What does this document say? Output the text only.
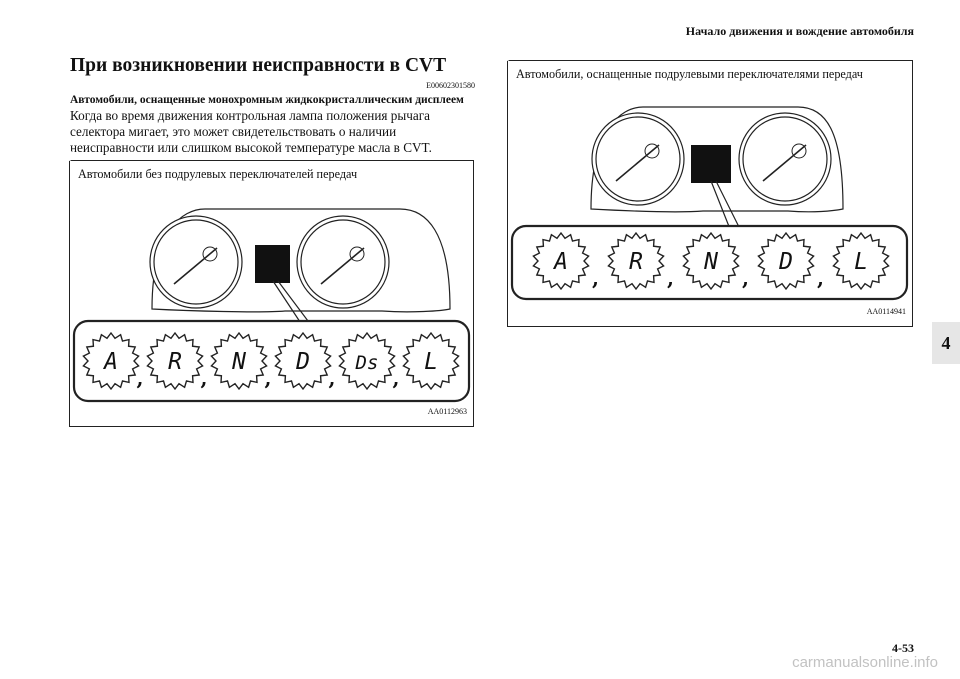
Начало движения и вождение автомобиля
При возникновении неисправности в CVT
E00602301580
Автомобили, оснащенные монохромным жидкокристаллическим дисплеем
Когда во время движения контрольная лампа положения рычага селектора мигает, это может свидетельствовать о наличии неисправности или слишком высокой температуре масла в CVT.
D
A
,
R
,
N
,
D
,
Ds
,
L
Автомобили без подрулевых переключателей передач
AA0112963
D
A
,
R
,
N
,
D
,
L
Автомобили, оснащенные подрулевыми переключателями передач
AA0114941
4
4-53
carmanualsonline.info
